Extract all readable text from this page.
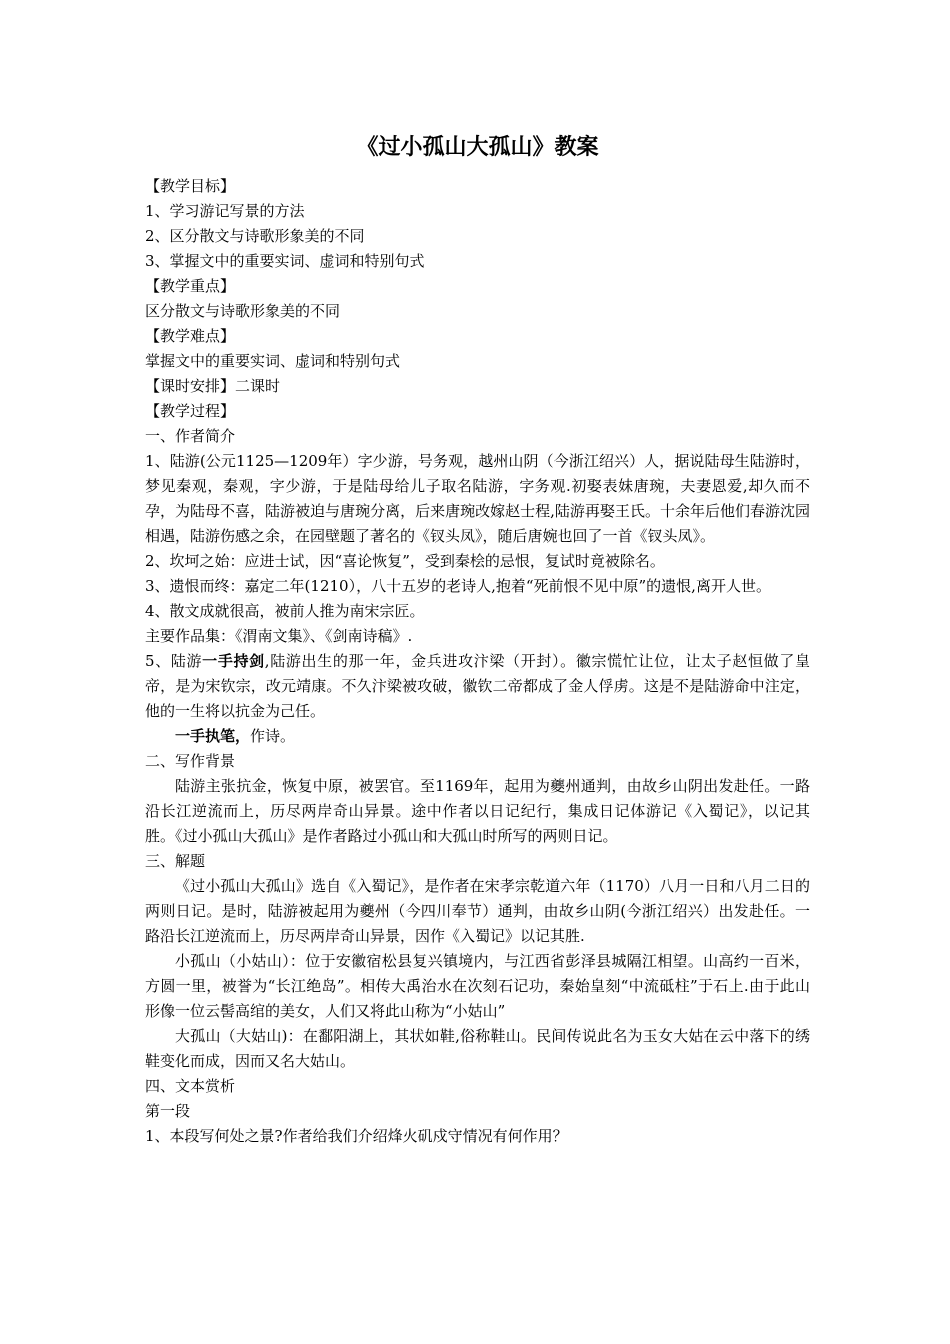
《过小孤山大孤山》教案

【教学目标】

1、学习游记写景的方法

2、区分散文与诗歌形象美的不同

3、掌握文中的重要实词、虚词和特别句式

【教学重点】

区分散文与诗歌形象美的不同

【教学难点】

掌握文中的重要实词、虚词和特别句式

【课时安排】二课时

【教学过程】

一、作者简介

1、陆游(公元1125—1209年）字少游，号务观，越州山阴（今浙江绍兴）人，据说陆母生陆游时，梦见秦观，秦观，字少游，于是陆母给儿子取名陆游，字务观.初娶表妹唐琬，夫妻恩爱,却久而不孕，为陆母不喜，陆游被迫与唐琬分离，后来唐琬改嫁赵士程,陆游再娶王氏。十余年后他们春游沈园相遇，陆游伤感之余，在园壁题了著名的《钗头凤》，随后唐婉也回了一首《钗头凤》。

2、坎坷之始：应进士试，因“喜论恢复”，受到秦桧的忌恨，复试时竟被除名。

3、遗恨而终：嘉定二年(1210），八十五岁的老诗人,抱着“死前恨不见中原”的遗恨,离开人世。

4、散文成就很高，被前人推为南宋宗匠。

主要作品集：《渭南文集》、《剑南诗稿》.

5、陆游一手持剑,陆游出生的那一年，金兵进攻汴梁（开封）。徽宗慌忙让位，让太子赵恒做了皇帝，是为宋钦宗，改元靖康。不久汴梁被攻破，徽钦二帝都成了金人俘虏。这是不是陆游命中注定，他的一生将以抗金为己任。

一手执笔，作诗。

二、写作背景

陆游主张抗金，恢复中原，被罢官。至1169年，起用为夔州通判，由故乡山阴出发赴任。一路沿长江逆流而上，历尽两岸奇山异景。途中作者以日记纪行，集成日记体游记《入蜀记》，以记其胜。《过小孤山大孤山》是作者路过小孤山和大孤山时所写的两则日记。

三、解题

《过小孤山大孤山》选自《入蜀记》，是作者在宋孝宗乾道六年（1170）八月一日和八月二日的两则日记。是时，陆游被起用为夔州（今四川奉节）通判，由故乡山阴(今浙江绍兴）出发赴任。一路沿长江逆流而上，历尽两岸奇山异景，因作《入蜀记》以记其胜.

小孤山（小姑山）：位于安徽宿松县复兴镇境内，与江西省彭泽县城隔江相望。山高约一百米，方圆一里，被誉为“长江绝岛”。相传大禹治水在次刻石记功，秦始皇刻“中流砥柱”于石上.由于此山形像一位云髻高绾的美女，人们又将此山称为“小姑山”

大孤山（大姑山)：在鄱阳湖上，其状如鞋,俗称鞋山。民间传说此名为玉女大姑在云中落下的绣鞋变化而成，因而又名大姑山。

四、文本赏析

第一段

1、本段写何处之景?作者给我们介绍烽火矶戍守情况有何作用？
